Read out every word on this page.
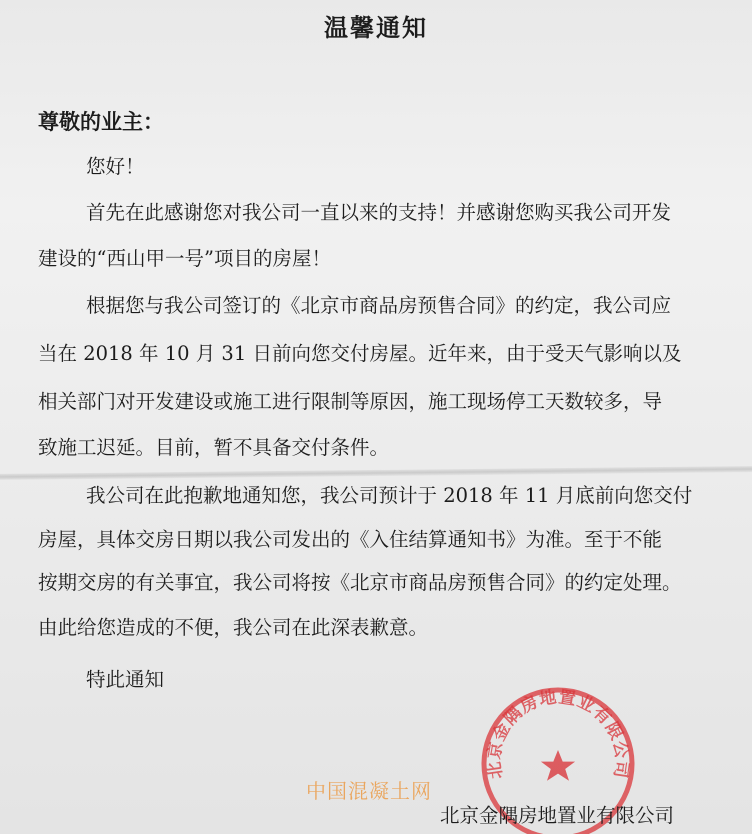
温馨通知
尊敬的业主：
您好！
首先在此感谢您对我公司一直以来的支持！并感谢您购买我公司开发
建设的“西山甲一号”项目的房屋！
根据您与我公司签订的《北京市商品房预售合同》的约定，我公司应
当在 2018 年 10 月 31 日前向您交付房屋。近年来，由于受天气影响以及
相关部门对开发建设或施工进行限制等原因，施工现场停工天数较多，导
致施工迟延。目前，暂不具备交付条件。
我公司在此抱歉地通知您，我公司预计于 2018 年 11 月底前向您交付
房屋，具体交房日期以我公司发出的《入住结算通知书》为准。至于不能
按期交房的有关事宜，我公司将按《北京市商品房预售合同》的约定处理。
由此给您造成的不便，我公司在此深表歉意。
特此通知
北京金隅房地置业有限公司
中国混凝土网
北京金隅房地置业有限公司
